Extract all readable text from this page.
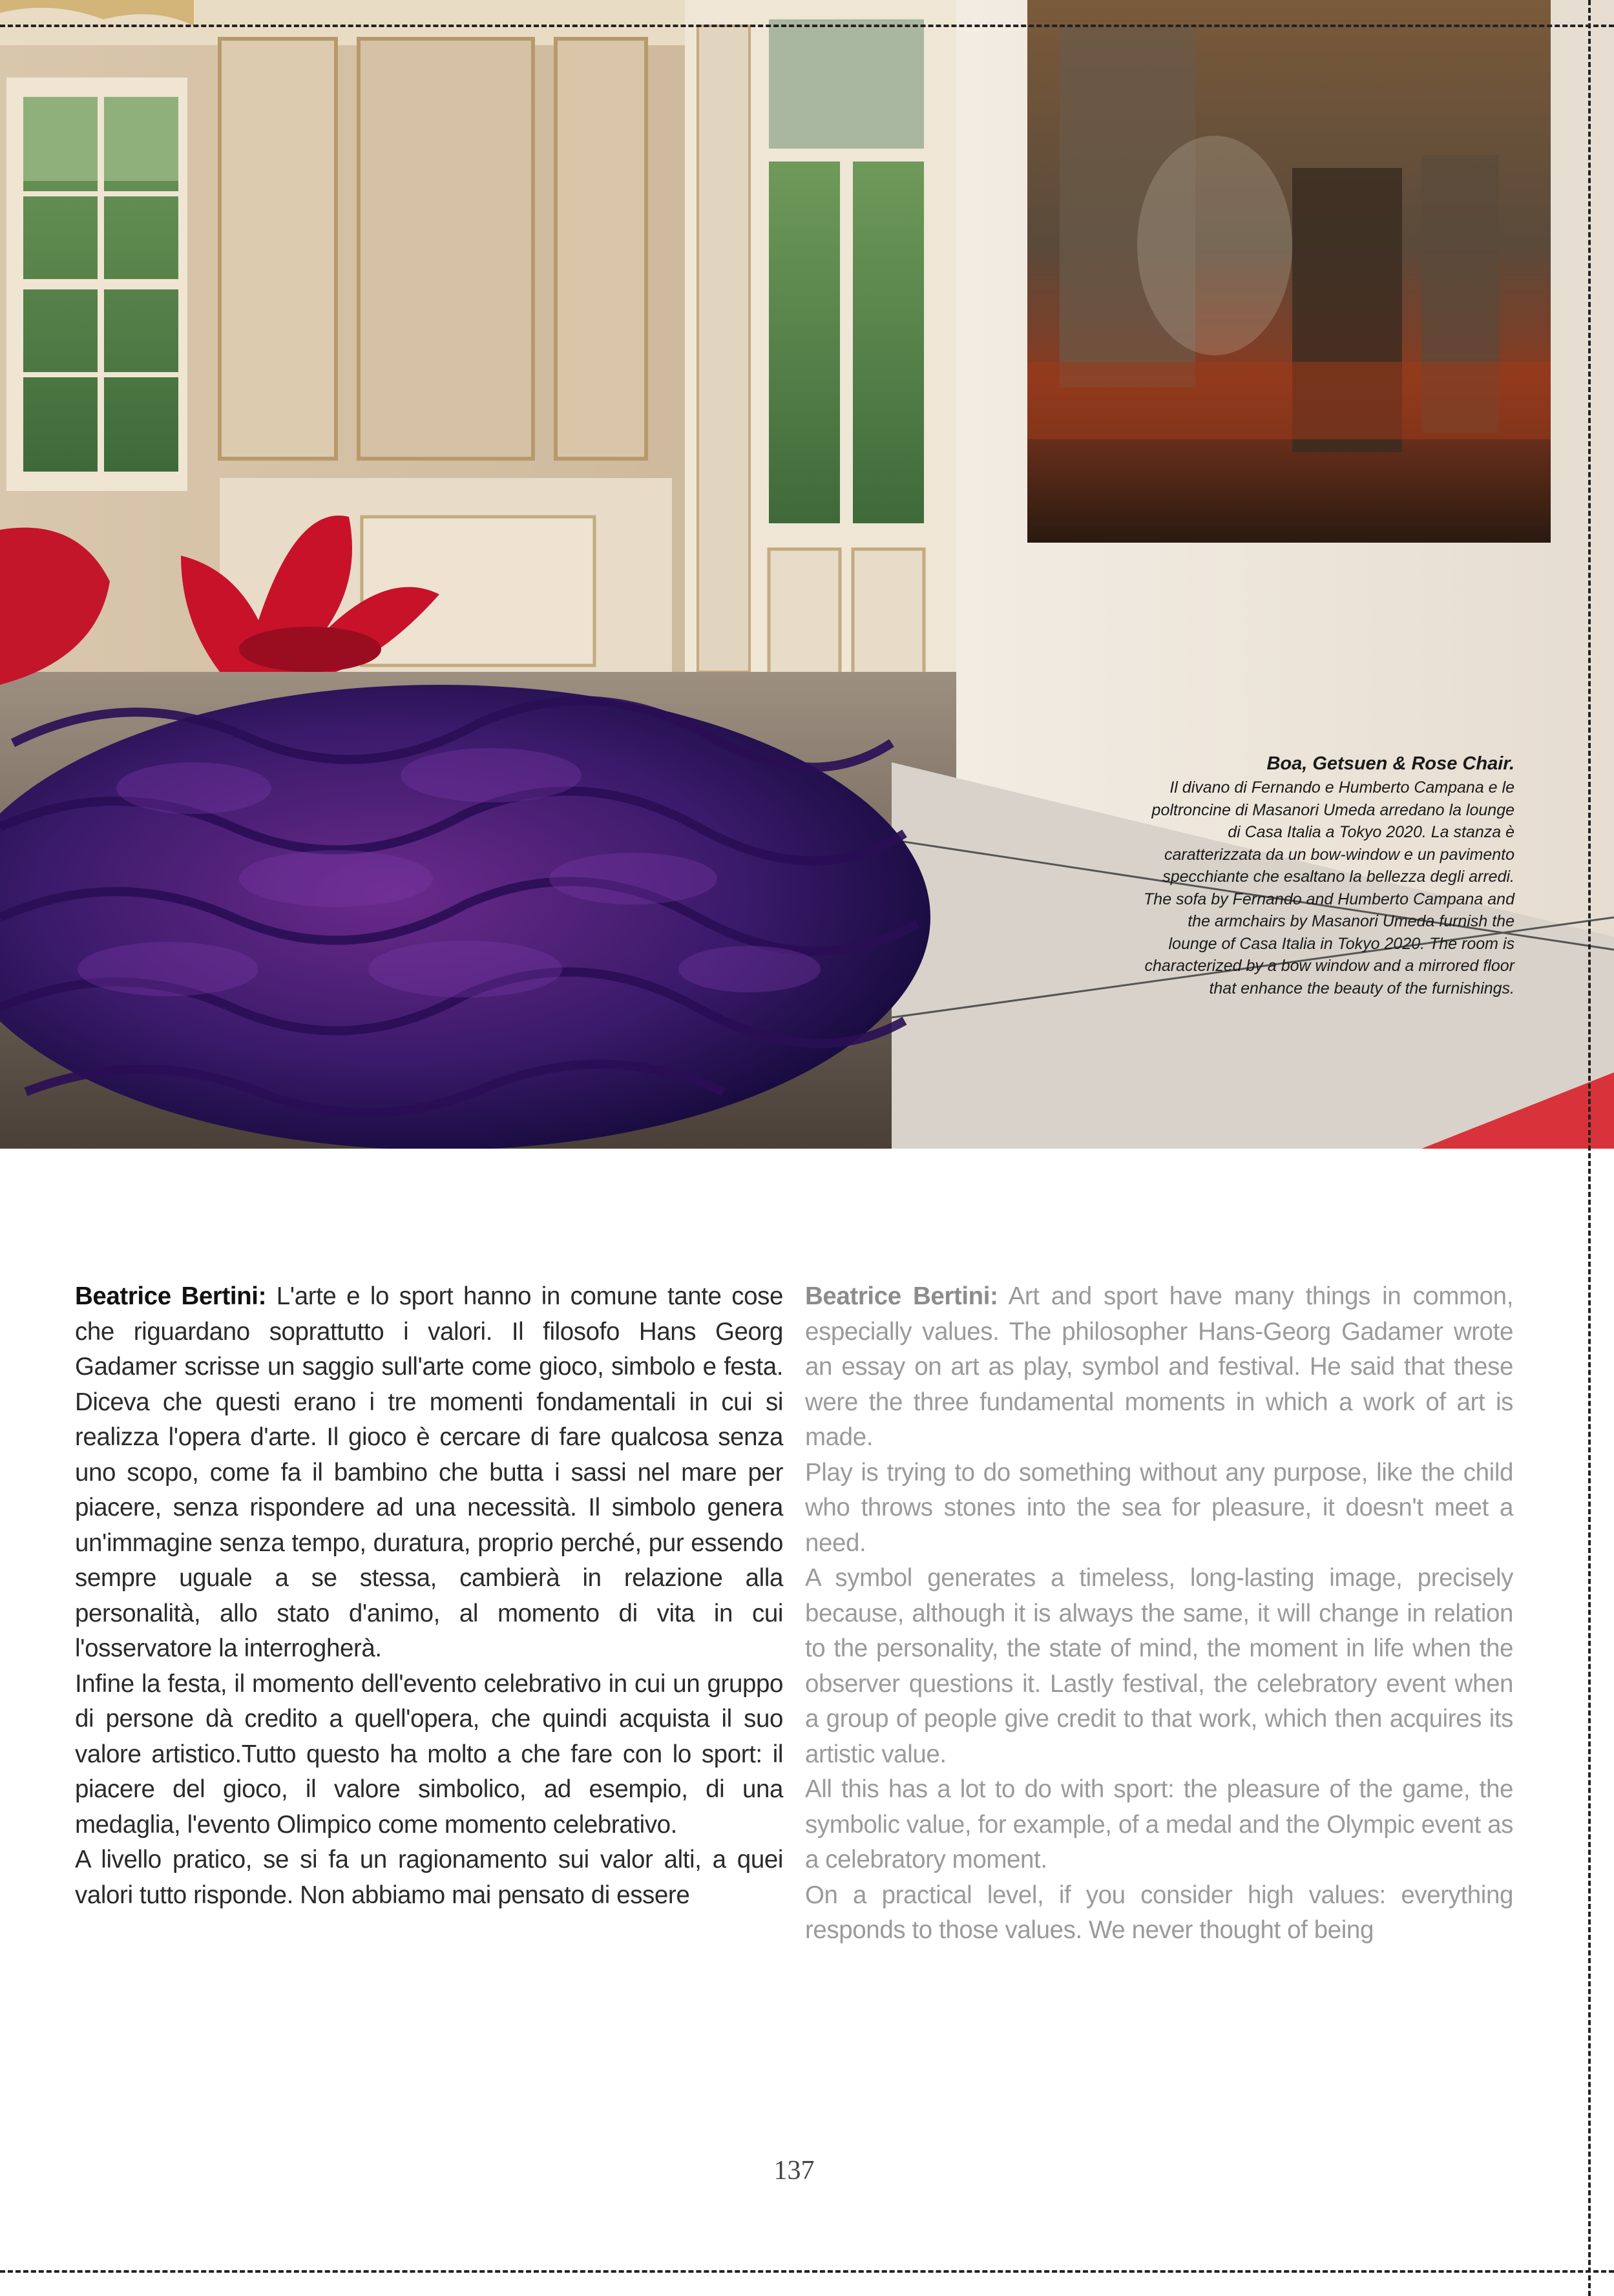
Boa, Getsuen & Rose Chair.

Il divano di Fernando e Humberto Campana e le poltroncine di Masanori Umeda arredano la lounge di Casa Italia a Tokyo 2020. La stanza è caratterizzata da un bow-window e un pavimento specchiante che esaltano la bellezza degli arredi.

The sofa by Fernando and Humberto Campana and the armchairs by Masanori Umeda furnish the lounge of Casa Italia in Tokyo 2020. The room is characterized by a bow window and a mirrored floor that enhance the beauty of the furnishings.

Beatrice Bertini: L'arte e lo sport hanno in comune tante cose che riguardano soprattutto i valori. Il filosofo Hans Georg Gadamer scrisse un saggio sull'arte come gioco, simbolo e festa. Diceva che questi erano i tre momenti fondamentali in cui si realizza l'opera d'arte. Il gioco è cercare di fare qualcosa senza uno scopo, come fa il bambino che butta i sassi nel mare per piacere, senza rispondere ad una necessità. Il simbolo genera un'immagine senza tempo, duratura, proprio perché, pur essendo sempre uguale a se stessa, cambierà in relazione alla personalità, allo stato d'animo, al momento di vita in cui l'osservatore la interrogherà.

Infine la festa, il momento dell'evento celebrativo in cui un gruppo di persone dà credito a quell'opera, che quindi acquista il suo valore artistico.Tutto questo ha molto a che fare con lo sport: il piacere del gioco, il valore simbolico, ad esempio, di una medaglia, l'evento Olimpico come momento celebrativo.

A livello pratico, se si fa un ragionamento sui valor alti, a quei valori tutto risponde. Non abbiamo mai pensato di essere

Beatrice Bertini: Art and sport have many things in common, especially values. The philosopher Hans-Georg Gadamer wrote an essay on art as play, symbol and festival. He said that these were the three fundamental moments in which a work of art is made.

Play is trying to do something without any purpose, like the child who throws stones into the sea for pleasure, it doesn't meet a need.

A symbol generates a timeless, long-lasting image, precisely because, although it is always the same, it will change in relation to the personality, the state of mind, the moment in life when the observer questions it. Lastly festival, the celebratory event when a group of people give credit to that work, which then acquires its artistic value.

All this has a lot to do with sport: the pleasure of the game, the symbolic value, for example, of a medal and the Olympic event as a celebratory moment.

On a practical level, if you consider high values: everything responds to those values. We never thought of being

137
